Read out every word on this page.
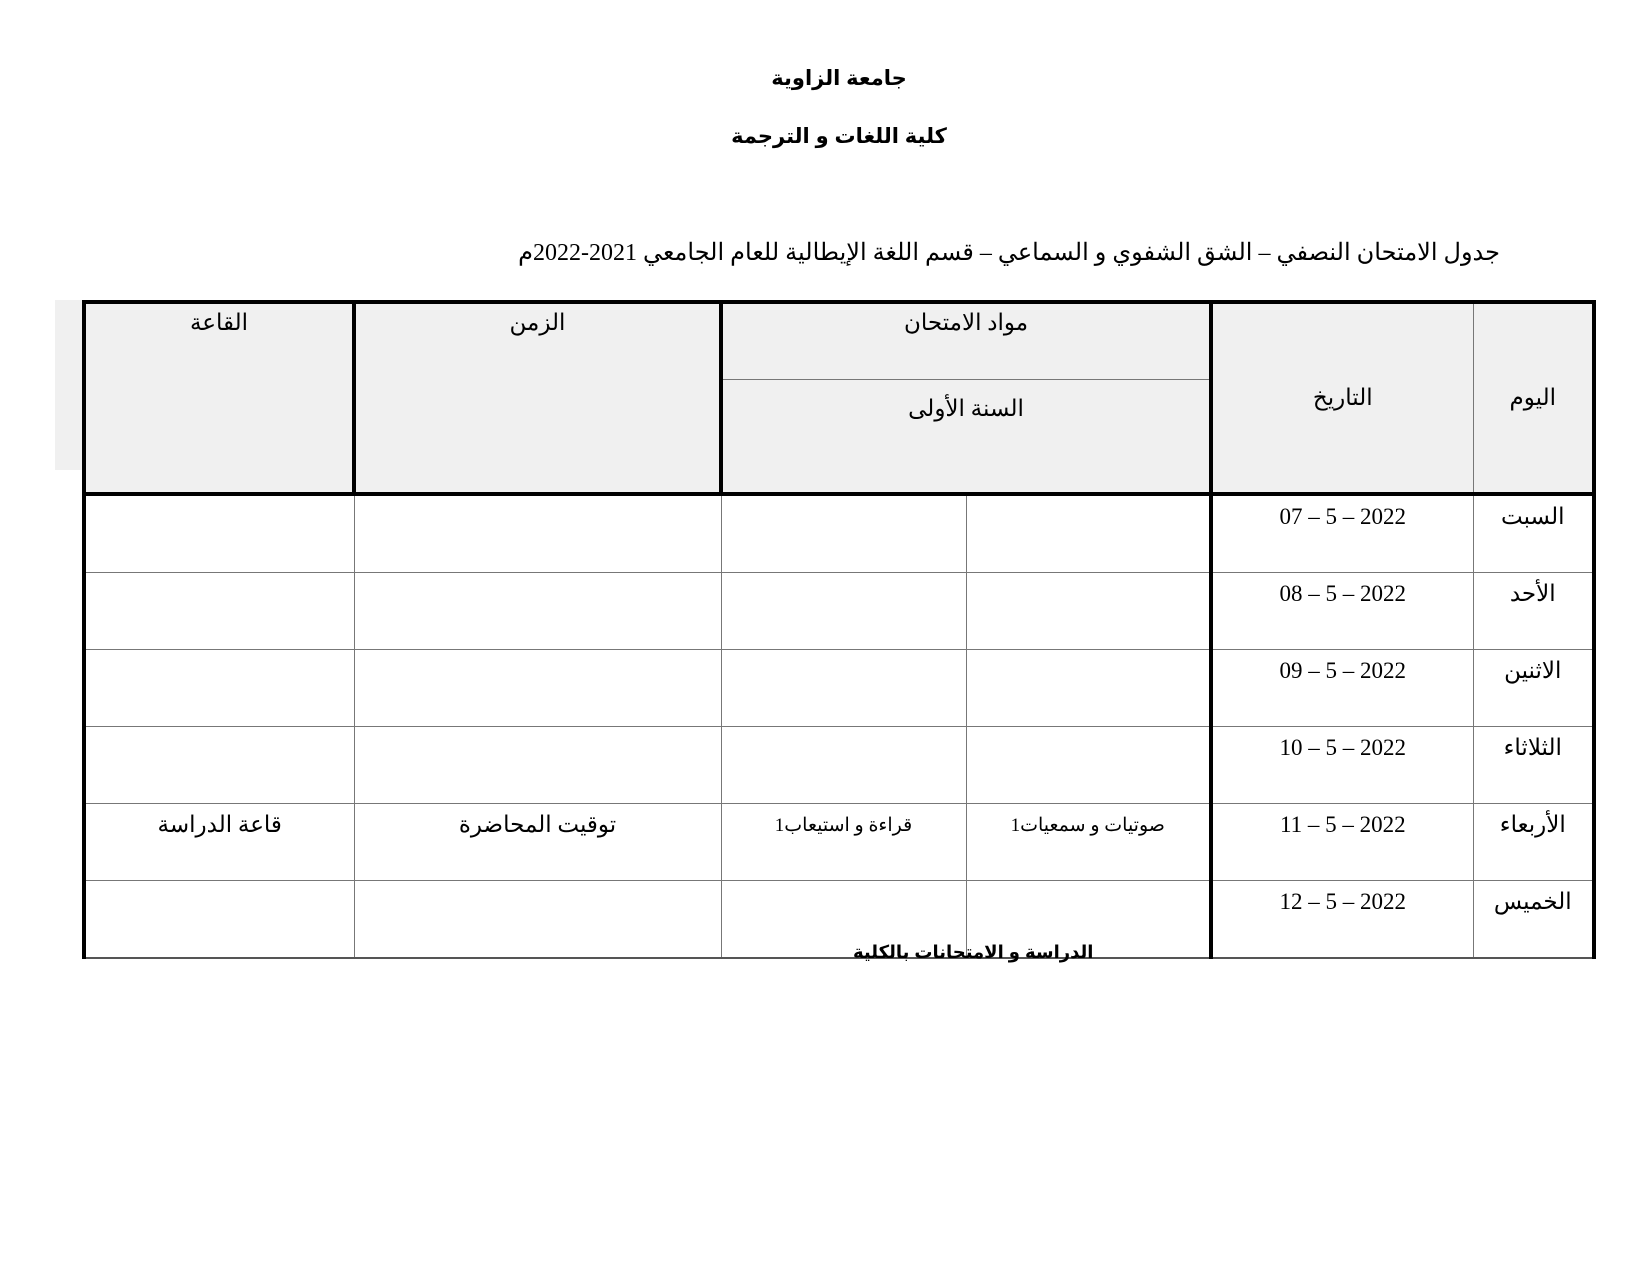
جامعة الزاوية
كلية اللغات و الترجمة
جدول الامتحان النصفي – الشق الشفوي و السماعي – قسم اللغة الإيطالية للعام الجامعي 2021-2022م
اليوم	التاريخ	مواد الامتحان		الزمن	القاعة
		السنة الأولى			
السبت	2022 – 5 – 07				
الأحد	2022 – 5 – 08				
الاثنين	2022 – 5 – 09				
الثلاثاء	2022 – 5 – 10				
الأربعاء	2022 – 5 – 11	صوتيات و سمعيات1	قراءة و استيعاب1	توقيت المحاضرة	قاعة الدراسة
الخميس	2022 – 5 – 12				
الدراسة و الامتحانات بالكلية
